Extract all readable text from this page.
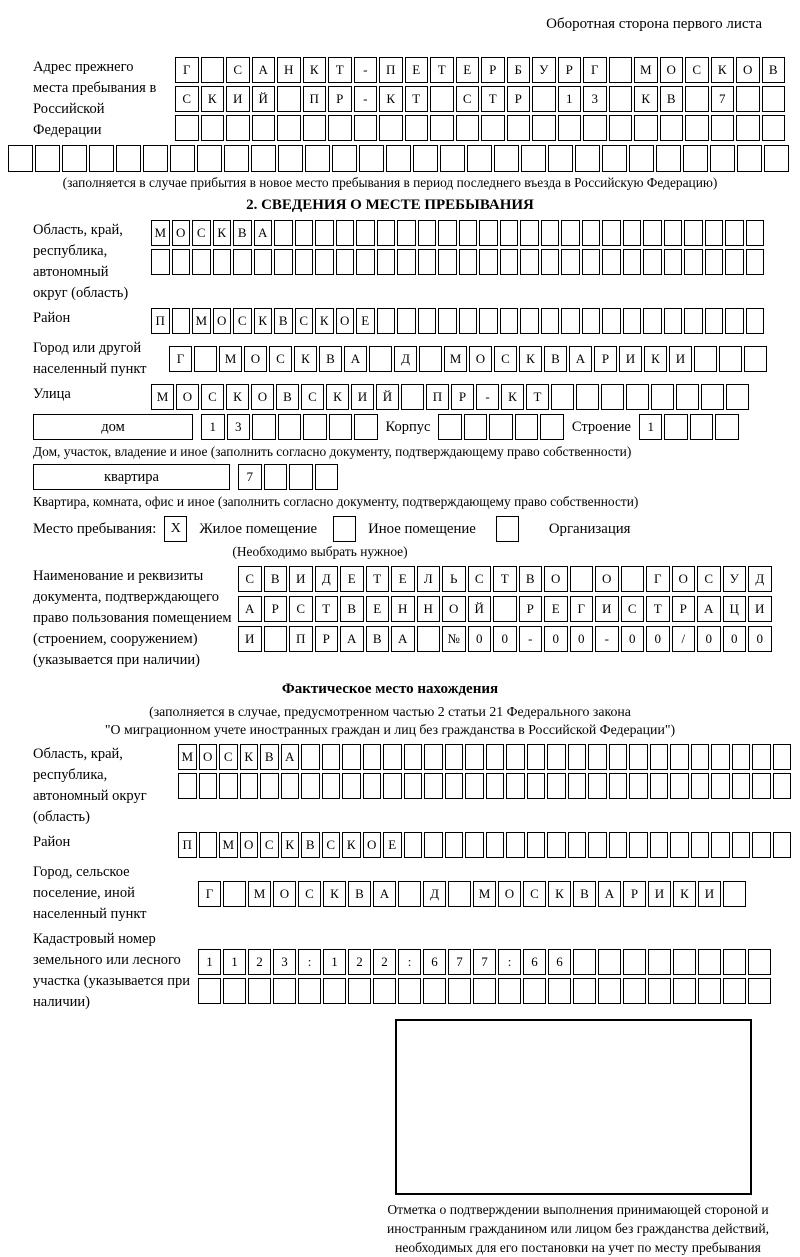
Оборотная сторона первого листа
Адрес прежнего места пребывания в Российской Федерации
Г	С	А	Н	К	Т	-	П	Е	Т	Е	Р	Б	У	Р	Г	М	О	С	К	О	В
С	К	И	Й	П	Р	-	К	Т	С	Т	Р	1	3	К	В	7
(заполняется в случае прибытия в новое место пребывания в период последнего въезда в Российскую Федерацию)
2. СВЕДЕНИЯ О МЕСТЕ ПРЕБЫВАНИЯ
Область, край, республика, автономный округ (область)
М О С К В А
Район	П	М О С К В С К О Е
Город или другой населенный пункт
Г	М	О	С	К	В	А	Д	М	О	С	К	В	А	Р	И	К	И
Улица	М	О	С	К	О	В	С	К	И	Й	П	Р	-	К	Т
дом	1	3	Корпус	Строение	1
Дом, участок, владение и иное (заполнить согласно документу, подтверждающему право собственности)
квартира	7
Квартира, комната, офис и иное (заполнить согласно документу, подтверждающему право собственности)
Место пребывания:	X	Жилое помещение	Иное помещение	Организация
(Необходимо выбрать нужное)
Наименование и реквизиты документа, подтверждающего право пользования помещением (строением, сооружением) (указывается при наличии)
С	В	И	Д	Е	Т	Е	Л	Ь	С	Т	В	О	О	Г	О	С	У	Д
А	Р	С	Т	В	Е	Н	Н	О	Й	Р	Е	Г	И	С	Т	Р	А	Ц	И
И	П	Р	А	В	А	№	0	0	-	0	0	-	0	0	/	0	0	0
Фактическое место нахождения
(заполняется в случае, предусмотренном частью 2 статьи 21 Федерального закона
"О миграционном учете иностранных граждан и лиц без гражданства в Российской Федерации")
Область, край, республика, автономный округ (область)
М О С К В А
Район	П	М О С К В С К О Е
Город, сельское поселение, иной населенный пункт
Г	М	О	С	К	В	А	Д	М	О	С	К	В	А	Р	И	К	И
Кадастровый номер земельного или лесного участка (указывается при наличии)
1	1	2	3	:	1	2	2	:	6	7	7	:	6	6
Отметка о подтверждении выполнения принимающей стороной и иностранным гражданином или лицом без гражданства действий, необходимых для его постановки на учет по месту пребывания
